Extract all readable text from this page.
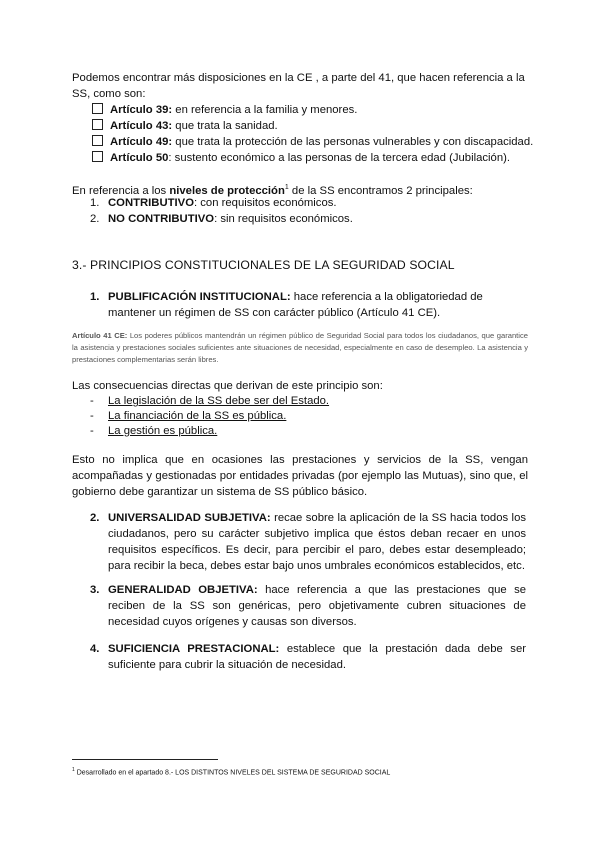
Podemos encontrar más disposiciones en la CE , a parte del 41, que hacen referencia a la SS, como son:

Artículo 39: en referencia a la familia y menores.
Artículo 43: que trata la sanidad.
Artículo 49: que trata la protección de las personas vulnerables y con discapacidad.
Artículo 50: sustento económico a las personas de la tercera edad (Jubilación).

En referencia a los niveles de protección$^1$ de la SS encontramos 2 principales:

1. CONTRIBUTIVO: con requisitos económicos.
2. NO CONTRIBUTIVO: sin requisitos económicos.
3.- PRINCIPIOS CONSTITUCIONALES DE LA SEGURIDAD SOCIAL
1. PUBLIFICACIÓN INSTITUCIONAL: hace referencia a la obligatoriedad de mantener un régimen de SS con carácter público (Artículo 41 CE).
Artículo 41 CE: Los poderes públicos mantendrán un régimen público de Seguridad Social para todos los ciudadanos, que garantice la asistencia y prestaciones sociales suficientes ante situaciones de necesidad, especialmente en caso de desempleo. La asistencia y prestaciones complementarias serán libres.

Las consecuencias directas que derivan de este principio son:

- La legislación de la SS debe ser del Estado.
- La financiación de la SS es pública.
- La gestión es pública.

Esto no implica que en ocasiones las prestaciones y servicios de la SS, vengan acompañadas y gestionadas por entidades privadas (por ejemplo las Mutuas), sino que, el gobierno debe garantizar un sistema de SS público básico.

2. UNIVERSALIDAD SUBJETIVA: recae sobre la aplicación de la SS hacia todos los ciudadanos, pero su carácter subjetivo implica que éstos deban recaer en unos requisitos específicos. Es decir, para percibir el paro, debes estar desempleado; para recibir la beca, debes estar bajo unos umbrales económicos establecidos, etc.
3. GENERALIDAD OBJETIVA: hace referencia a que las prestaciones que se reciben de la SS son genéricas, pero objetivamente cubren situaciones de necesidad cuyos orígenes y causas son diversos.
4. SUFICIENCIA PRESTACIONAL: establece que la prestación dada debe ser suficiente para cubrir la situación de necesidad.
$^1$ Desarrollado en el apartado 8.- LOS DISTINTOS NIVELES DEL SISTEMA DE SEGURIDAD SOCIAL
